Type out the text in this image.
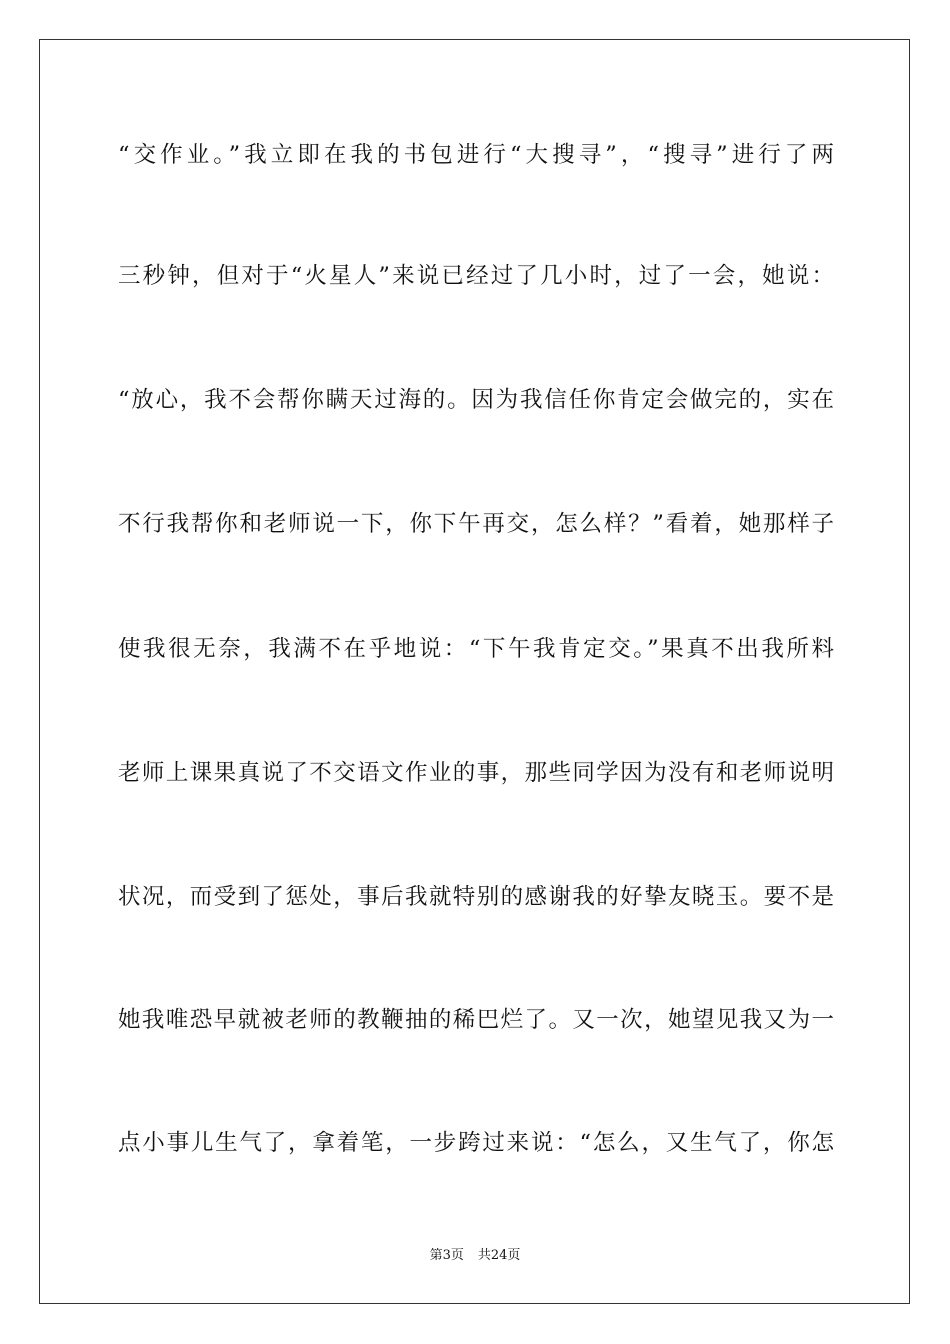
“交作业。”我立即在我的书包进行“大搜寻”，“搜寻”进行了两
三秒钟，但对于“火星人”来说已经过了几小时，过了一会，她说：
“放心，我不会帮你瞒天过海的。因为我信任你肯定会做完的，实在
不行我帮你和老师说一下，你下午再交，怎么样？”看着，她那样子
使我很无奈，我满不在乎地说：“下午我肯定交。”果真不出我所料
老师上课果真说了不交语文作业的事，那些同学因为没有和老师说明
状况，而受到了惩处，事后我就特别的感谢我的好挚友晓玉。要不是
她我唯恐早就被老师的教鞭抽的稀巴烂了。又一次，她望见我又为一
点小事儿生气了，拿着笔，一步跨过来说：“怎么，又生气了，你怎
第3页 共24页
